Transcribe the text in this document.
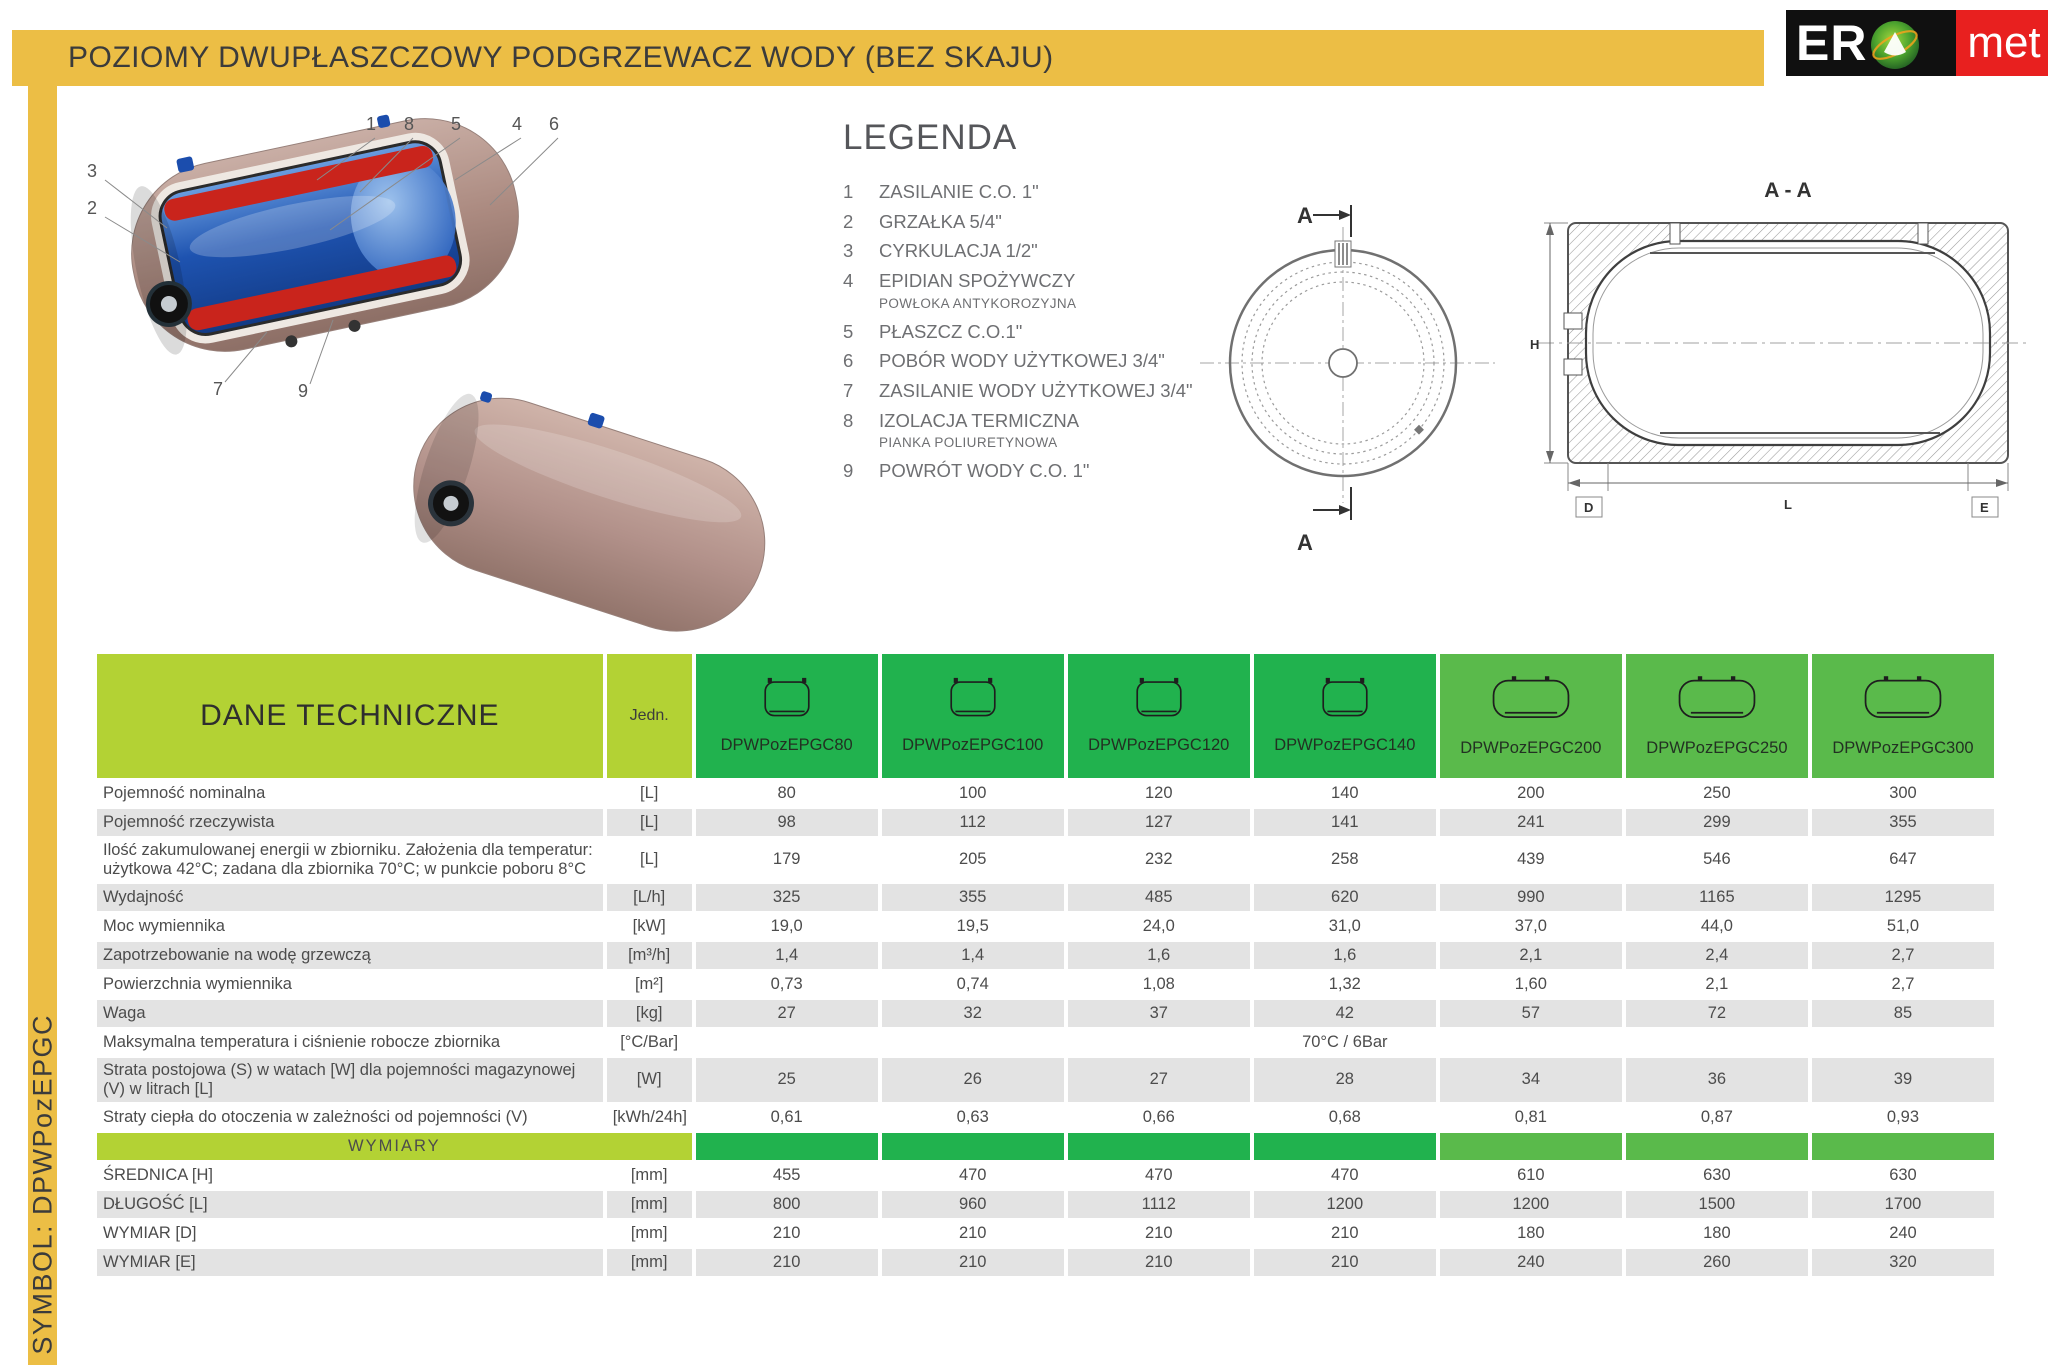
POZIOMY DWUPŁASZCZOWY PODGRZEWACZ WODY (BEZ SKAJU)
SYMBOL: DPWPozEPGC
ER met
1 8 5	4 6
3
2
7	9
LEGENDA
1	ZASILANIE C.O. 1"
2	GRZAŁKA 5/4"
3	CYRKULACJA 1/2"
4	EPIDIAN SPOŻYWCZY
POWŁOKA ANTYKOROZYJNA
5	PŁASZCZ C.O.1"
6	POBÓR WODY UŻYTKOWEJ 3/4"
7	ZASILANIE WODY UŻYTKOWEJ 3/4"
8	IZOLACJA TERMICZNA
PIANKA POLIURETYNOWA
9	POWRÓT WODY C.O. 1"
A
A
A - A
H
D	L	E
DANE TECHNICZNE	Jedn.	DPWPozEPGC80	DPWPozEPGC100	DPWPozEPGC120	DPWPozEPGC140	DPWPozEPGC200	DPWPozEPGC250	DPWPozEPGC300

Pojemność nominalna	[L]	80	100	120	140	200	250	300
Pojemność rzeczywista	[L]	98	112	127	141	241	299	355
Ilość zakumulowanej energii w zbiorniku. Założenia dla temperatur: użytkowa 42°C; zadana dla zbiornika 70°C; w punkcie poboru 8°C	[L]	179	205	232	258	439	546	647
Wydajność	[L/h]	325	355	485	620	990	1165	1295
Moc wymiennika	[kW]	19,0	19,5	24,0	31,0	37,0	44,0	51,0
Zapotrzebowanie na wodę grzewczą	[m³/h]	1,4	1,4	1,6	1,6	2,1	2,4	2,7
Powierzchnia wymiennika	[m²]	0,73	0,74	1,08	1,32	1,60	2,1	2,7
Waga	[kg]	27	32	37	42	57	72	85
Maksymalna temperatura i ciśnienie robocze zbiornika	[°C/Bar]	70°C / 6Bar						
Strata postojowa (S) w watach [W] dla pojemności magazynowej (V) w litrach [L]	[W]	25	26	27	28	34	36	39
Straty ciepła do otoczenia w zależności od pojemności (V)	[kWh/24h]	0,61	0,63	0,66	0,68	0,81	0,87	0,93
WYMIARY								
ŚREDNICA [H]	[mm]	455	470	470	470	610	630	630
DŁUGOŚĆ [L]	[mm]	800	960	1112	1200	1200	1500	1700
WYMIAR [D]	[mm]	210	210	210	210	180	180	240
WYMIAR [E]	[mm]	210	210	210	210	240	260	320
